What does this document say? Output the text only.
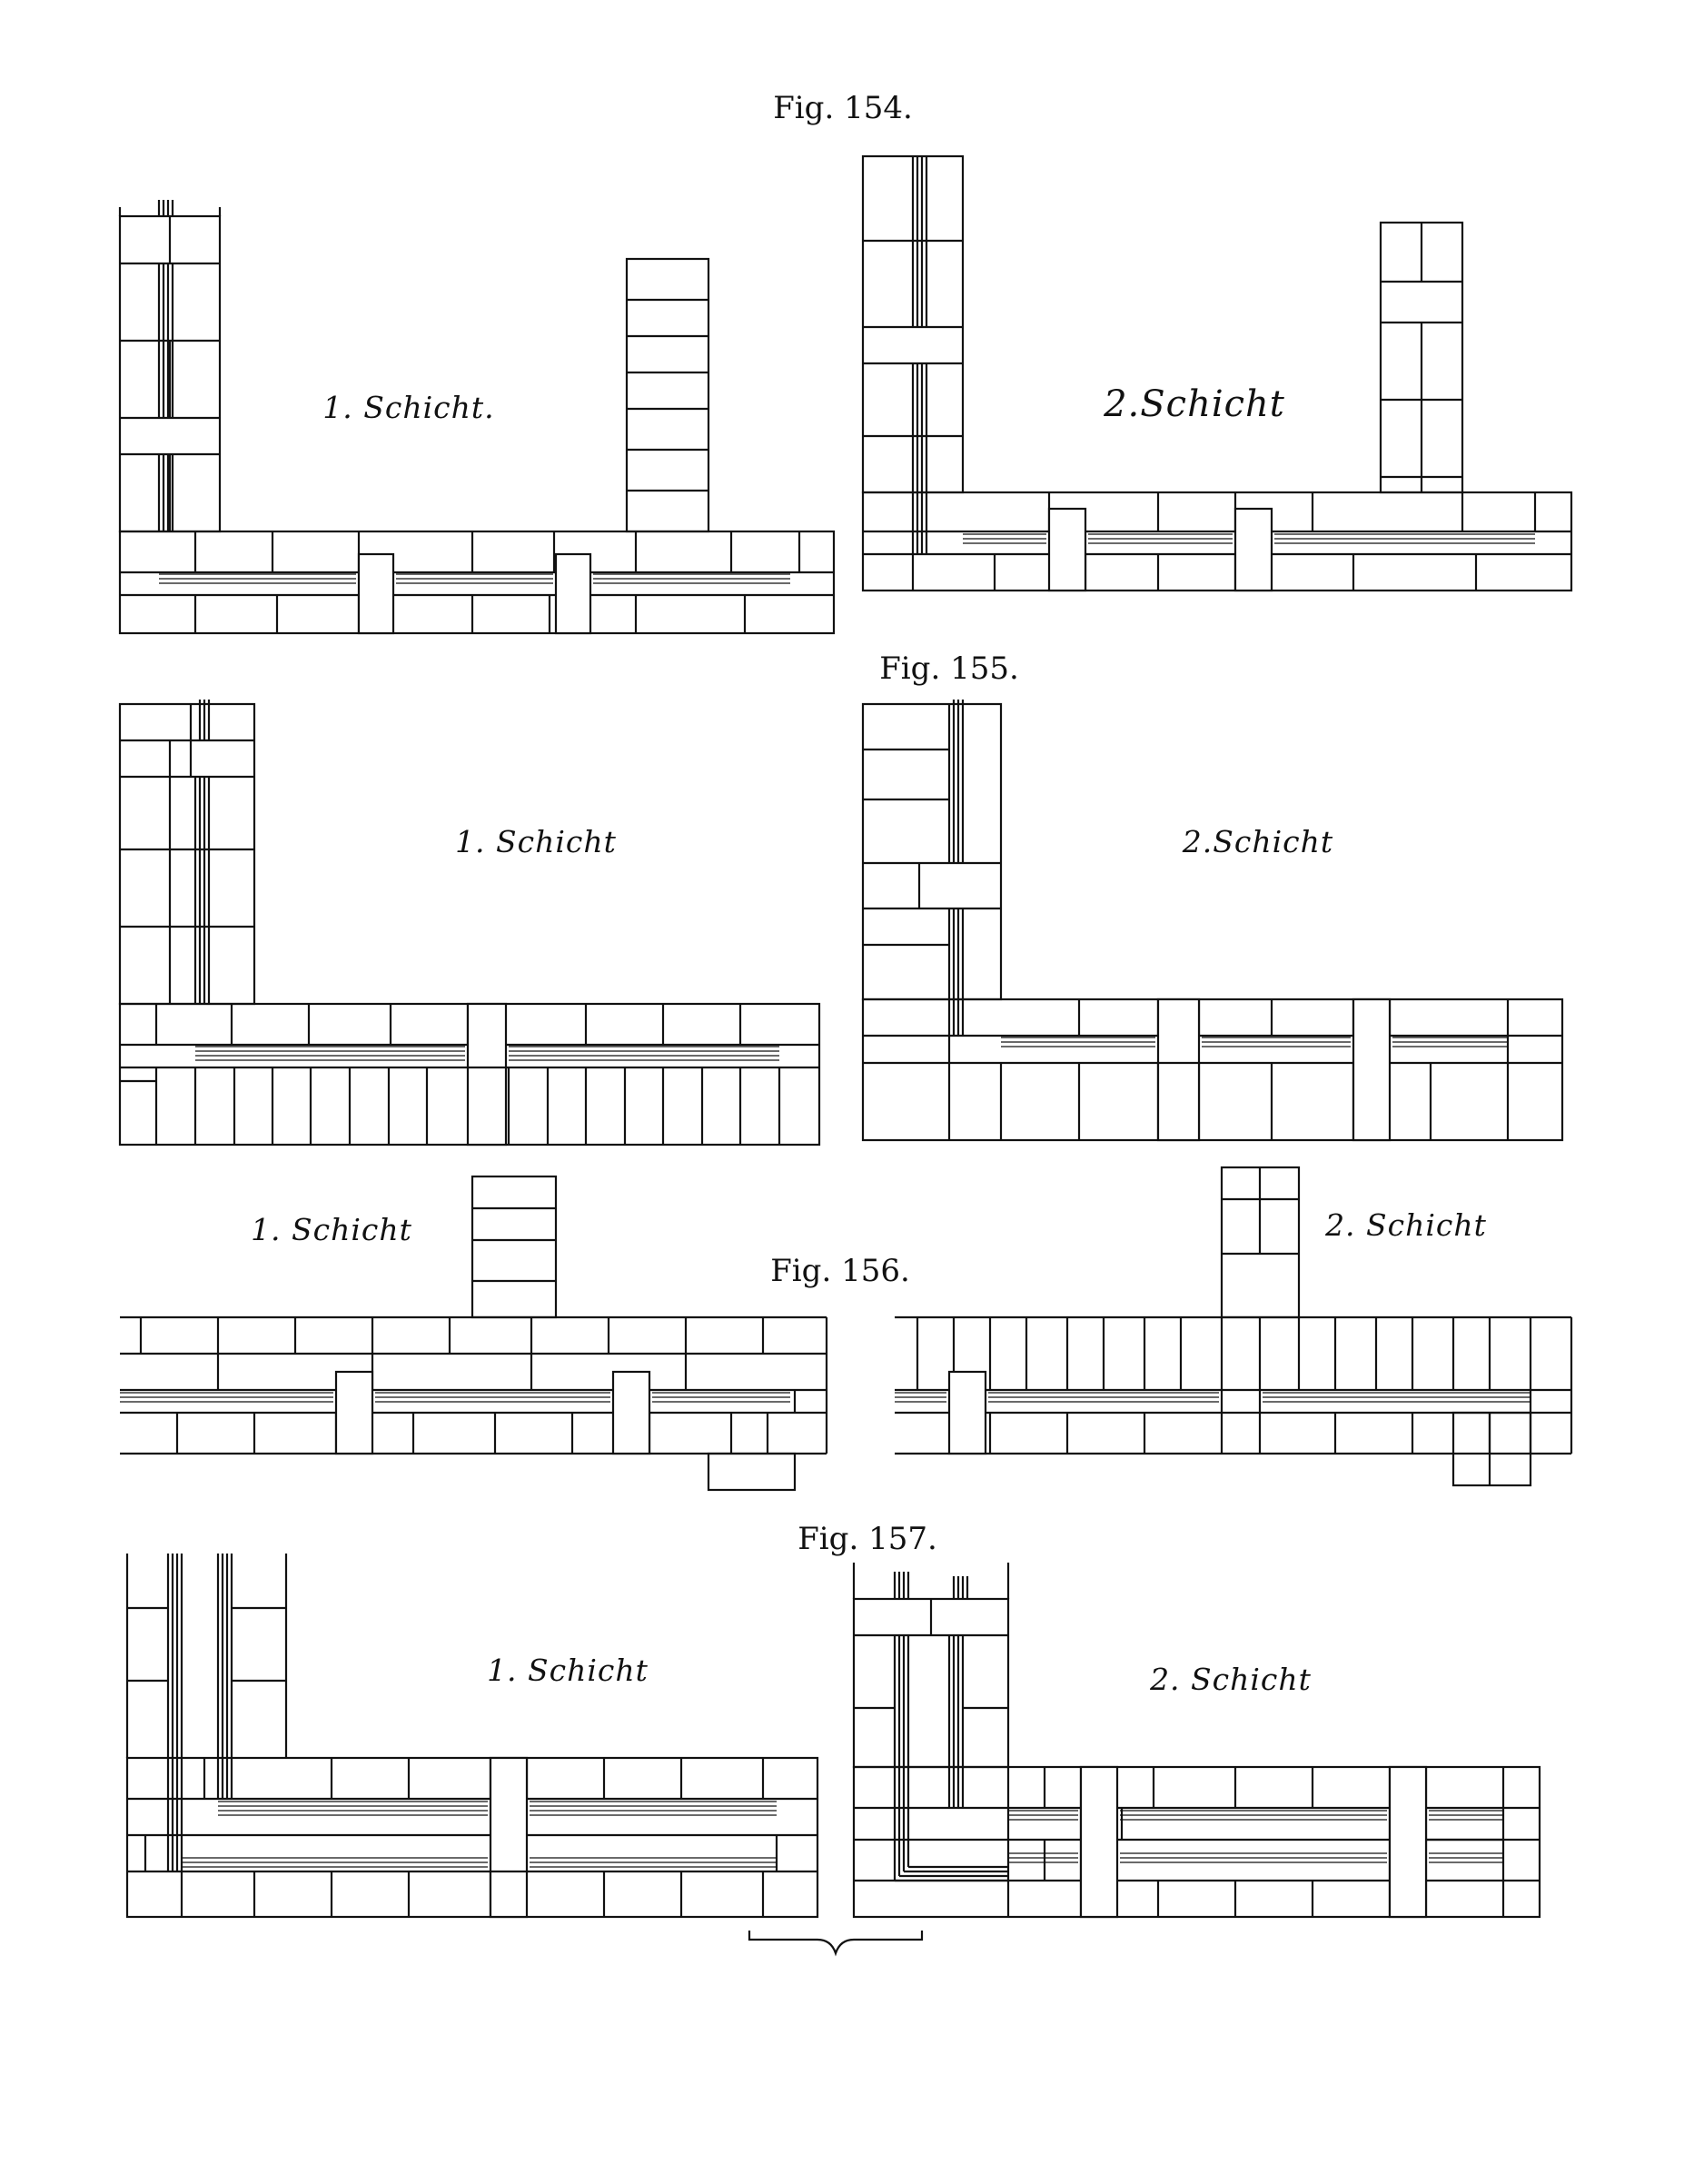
Fig. 154.
1. Schicht.	2.Schicht
Fig. 155.
1. Schicht	2.Schicht
Fig. 156.
1. Schicht	2. Schicht
Fig. 157.
1. Schicht	2. Schicht
